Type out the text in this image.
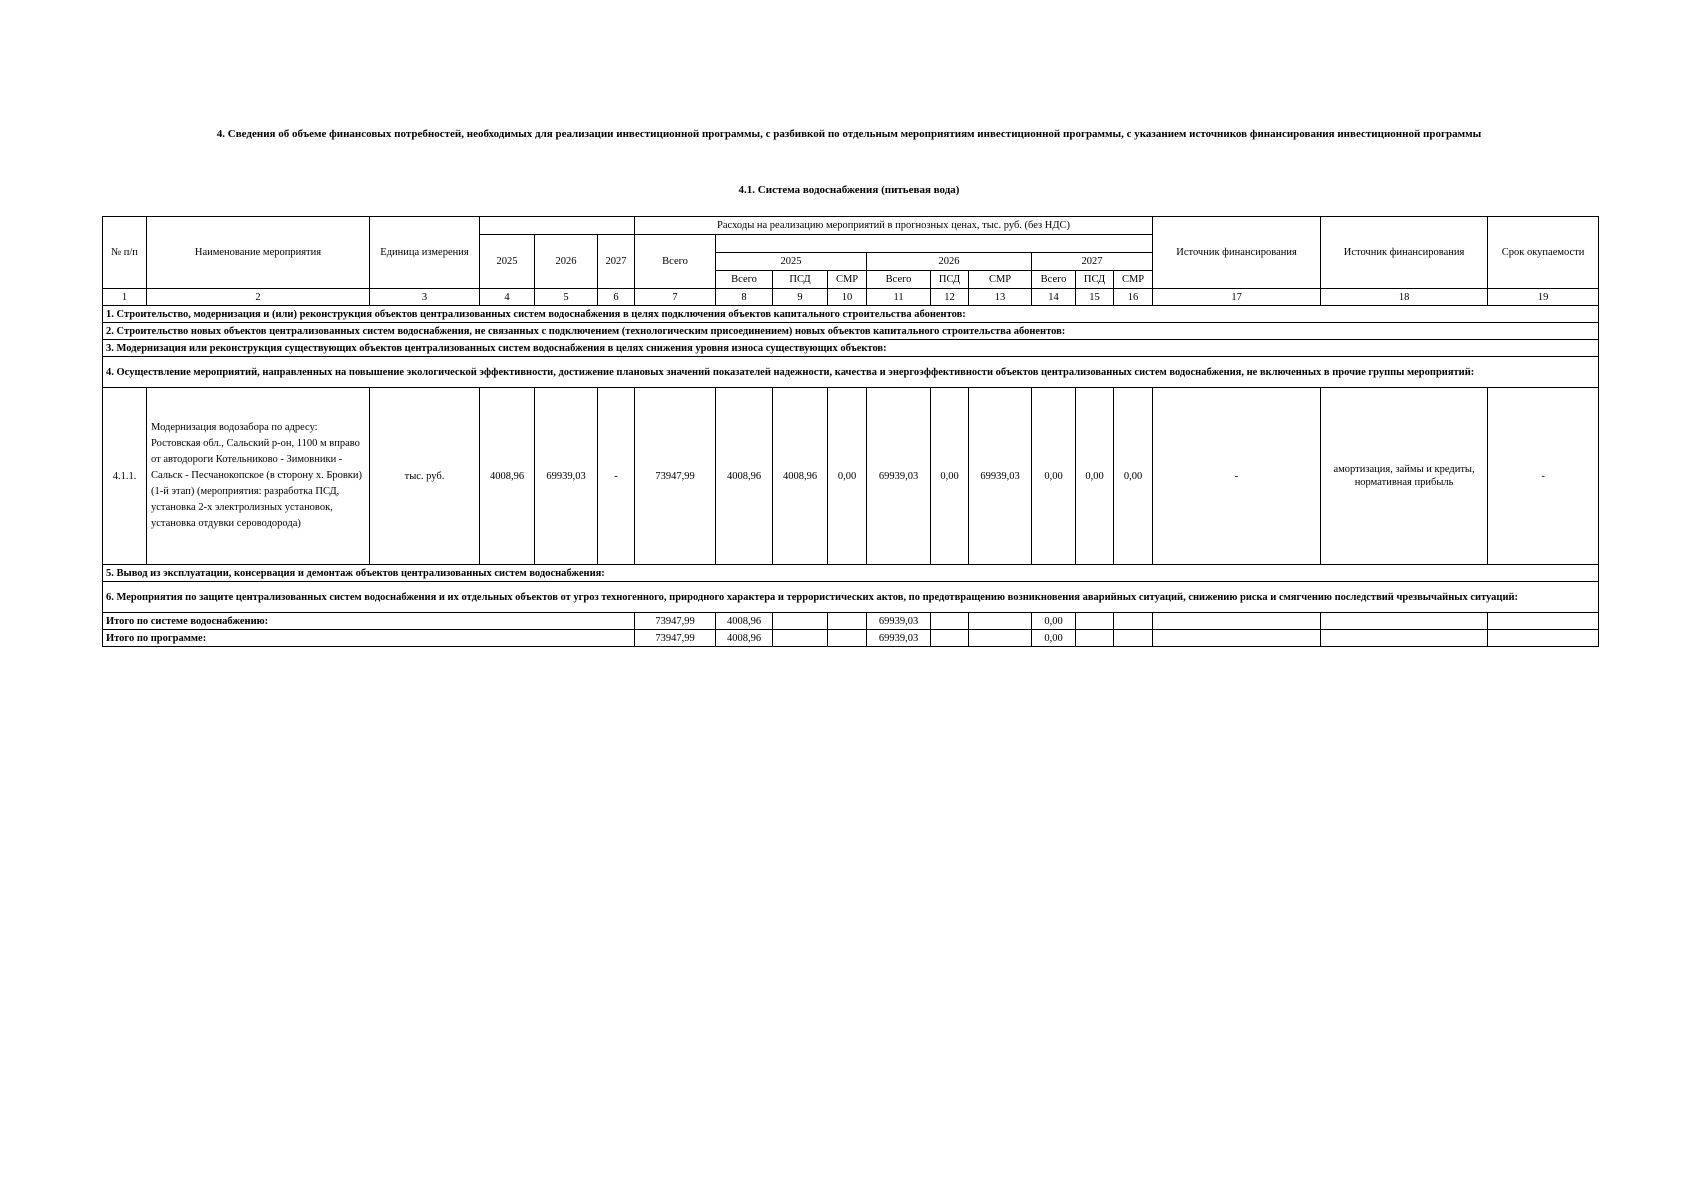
4. Сведения об объеме финансовых потребностей, необходимых для реализации инвестиционной программы, с разбивкой по отдельным мероприятиям инвестиционной программы, с указанием источников финансирования инвестиционной программы
4.1. Система водоснабжения (питьевая вода)
№ п/п	Наименование мероприятия	Единица измерения				Расходы на реализацию мероприятий в прогнозных ценах, тыс. руб. (без НДС)										Источник финансирования	Источник финансирования	Срок окупаемости
			2025	2026	2027	Всего												
							2025			2026			2027					
							Всего	ПСД	СМР	Всего	ПСД	СМР	Всего	ПСД	СМР			
1	2	3	4	5	6	7	8	9	10	11	12	13	14	15	16	17	18	19
1. Строительство, модернизация и (или) реконструкция объектов централизованных систем водоснабжения в целях подключения объектов капитального строительства абонентов:																		
2. Строительство новых объектов централизованных систем водоснабжения, не связанных с подключением (технологическим присоединением) новых объектов капитального строительства абонентов:																		
3. Модернизация или реконструкция существующих объектов централизованных систем водоснабжения в целях снижения уровня износа существующих объектов:																		
4. Осуществление мероприятий, направленных на повышение экологической эффективности, достижение плановых значений показателей надежности, качества и энергоэффективности объектов централизованных систем водоснабжения, не включенных в прочие группы мероприятий:																		
4.1.1.	Модернизация водозабора по адресу: Ростовская обл., Сальский р-он, 1100 м вправо от автодороги Котельниково - Зимовники - Сальск - Песчанокопское (в сторону х. Бровки) (1-й этап) (мероприятия: разработка ПСД, установка 2-х электролизных установок, установка отдувки сероводорода)	тыс. руб.	4008,96	69939,03	-	73947,99	4008,96	4008,96	0,00	69939,03	0,00	69939,03	0,00	0,00	0,00	-	амортизация, займы и кредиты, нормативная прибыль	-
5. Вывод из эксплуатации, консервация и демонтаж объектов централизованных систем водоснабжения:																		
6. Мероприятия по защите централизованных систем водоснабжения и их отдельных объектов от угроз техногенного, природного характера и террористических актов, по предотвращению возникновения аварийных ситуаций, снижению риска и смягчению последствий чрезвычайных ситуаций:																		
Итого по системе водоснабжению:						73947,99	4008,96			69939,03			0,00					
Итого по программе:						73947,99	4008,96			69939,03			0,00					
